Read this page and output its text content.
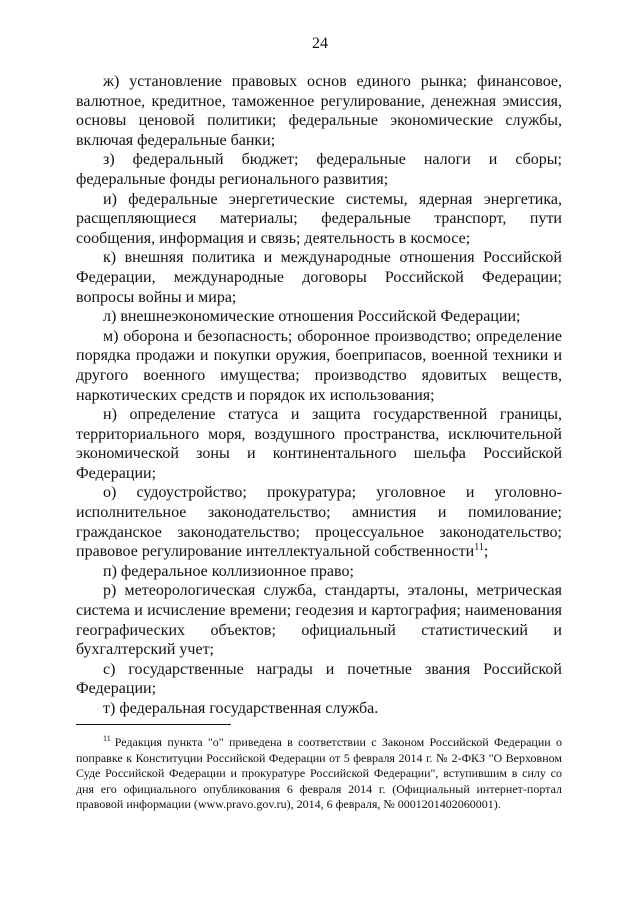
24

ж) установление правовых основ единого рынка; финансовое, валютное, кредитное, таможенное регулирование, денежная эмиссия, основы ценовой политики; федеральные экономические службы, включая федеральные банки;

з) федеральный бюджет; федеральные налоги и сборы; федеральные фонды регионального развития;

и) федеральные энергетические системы, ядерная энергетика, расщепляющиеся материалы; федеральные транспорт, пути сообщения, информация и связь; деятельность в космосе;

к) внешняя политика и международные отношения Российской Федерации, международные договоры Российской Федерации; вопросы войны и мира;

л) внешнеэкономические отношения Российской Федерации;

м) оборона и безопасность; оборонное производство; определение порядка продажи и покупки оружия, боеприпасов, военной техники и другого военного имущества; производство ядовитых веществ, наркотических средств и порядок их использования;

н) определение статуса и защита государственной границы, территориального моря, воздушного пространства, исключительной экономической зоны и континентального шельфа Российской Федерации;

о) судоустройство; прокуратура; уголовное и уголовно-исполнительное законодательство; амнистия и помилование; гражданское законодательство; процессуальное законодательство; правовое регулирование интеллектуальной собственности$^{11}$;

п) федеральное коллизионное право;

р) метеорологическая служба, стандарты, эталоны, метрическая система и исчисление времени; геодезия и картография; наименования географических объектов; официальный статистический и бухгалтерский учет;

с) государственные награды и почетные звания Российской Федерации;

т) федеральная государственная служба.

$^{11}$ Редакция пункта "о" приведена в соответствии с Законом Российской Федерации о поправке к Конституции Российской Федерации от 5 февраля 2014 г. № 2-ФКЗ "О Верховном Суде Российской Федерации и прокуратуре Российской Федерации", вступившим в силу со дня его официального опубликования 6 февраля 2014 г. (Официальный интернет-портал правовой информации (www.pravo.gov.ru), 2014, 6 февраля, № 0001201402060001).
